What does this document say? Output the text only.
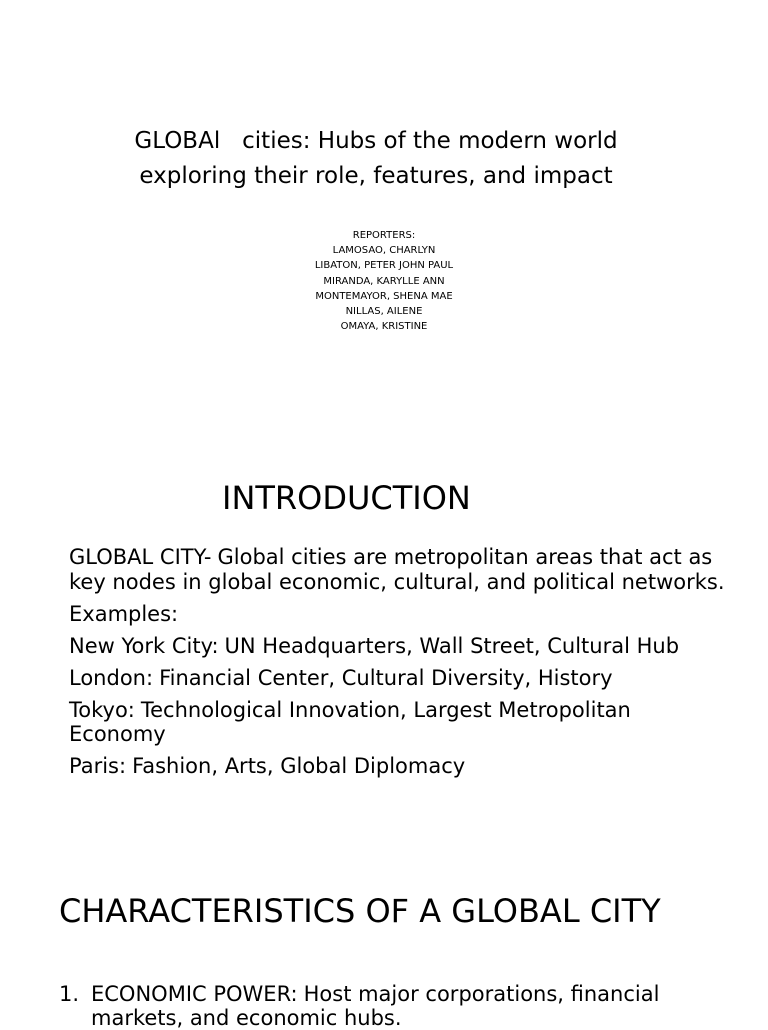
GLOBAl   cities: Hubs of the modern world
exploring their role, features, and impact
REPORTERS:
LAMOSAO, CHARLYN
LIBATON, PETER JOHN PAUL
MIRANDA, KARYLLE ANN
MONTEMAYOR, SHENA MAE
NILLAS, AILENE
OMAYA, KRISTINE
INTRODUCTION

GLOBAL CITY- Global cities are metropolitan areas that act as key nodes in global economic, cultural, and political networks.

Examples:

New York City: UN Headquarters, Wall Street, Cultural Hub

London: Financial Center, Cultural Diversity, History

Tokyo: Technological Innovation, Largest Metropolitan Economy

Paris: Fashion, Arts, Global Diplomacy

CHARACTERISTICS OF A GLOBAL CITY
1. ECONOMIC POWER: Host major corporations, financial markets, and economic hubs.
